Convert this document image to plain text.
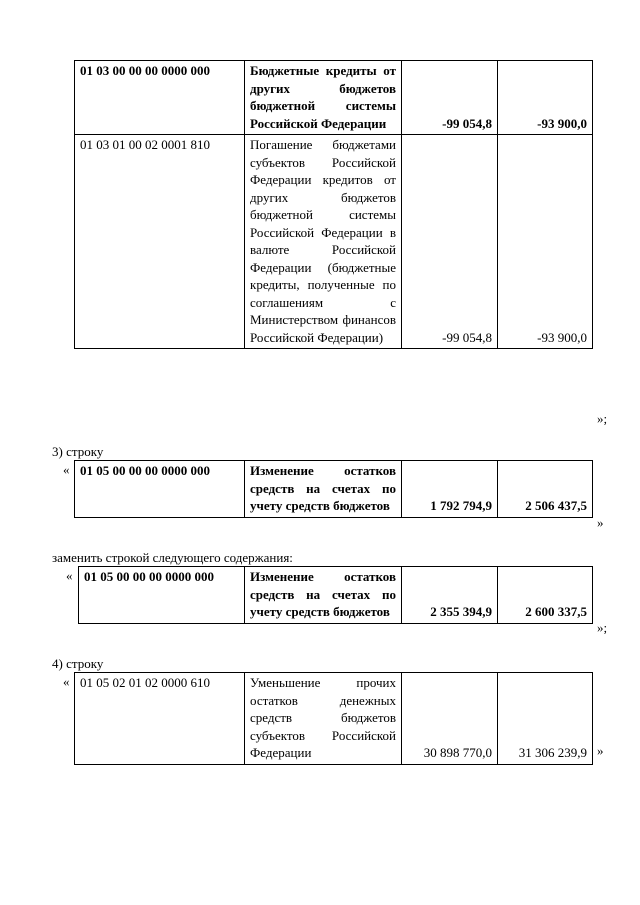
01 03 00 00 00 0000 000	Бюджетные кредиты от других бюджетов бюджетной системы Российской Федерации	-99 054,8	-93 900,0
01 03 01 00 02 0001 810	Погашение бюджетами субъектов Российской Федерации кредитов от других бюджетов бюджетной системы Российской Федерации в валюте Российской Федерации (бюджетные кредиты, полученные по соглашениям с Министерством финансов Российской Федерации)	-99 054,8	-93 900,0
»;
3) строку
« 01 05 00 00 00 0000 000	Изменение остатков средств на счетах по учету средств бюджетов	1 792 794,9	2 506 437,5
»
заменить строкой следующего содержания:
« 01 05 00 00 00 0000 000	Изменение остатков средств на счетах по учету средств бюджетов	2 355 394,9	2 600 337,5
»;
4) строку
« 01 05 02 01 02 0000 610	Уменьшение прочих остатков денежных средств бюджетов субъектов Российской Федерации	30 898 770,0	31 306 239,9 »
